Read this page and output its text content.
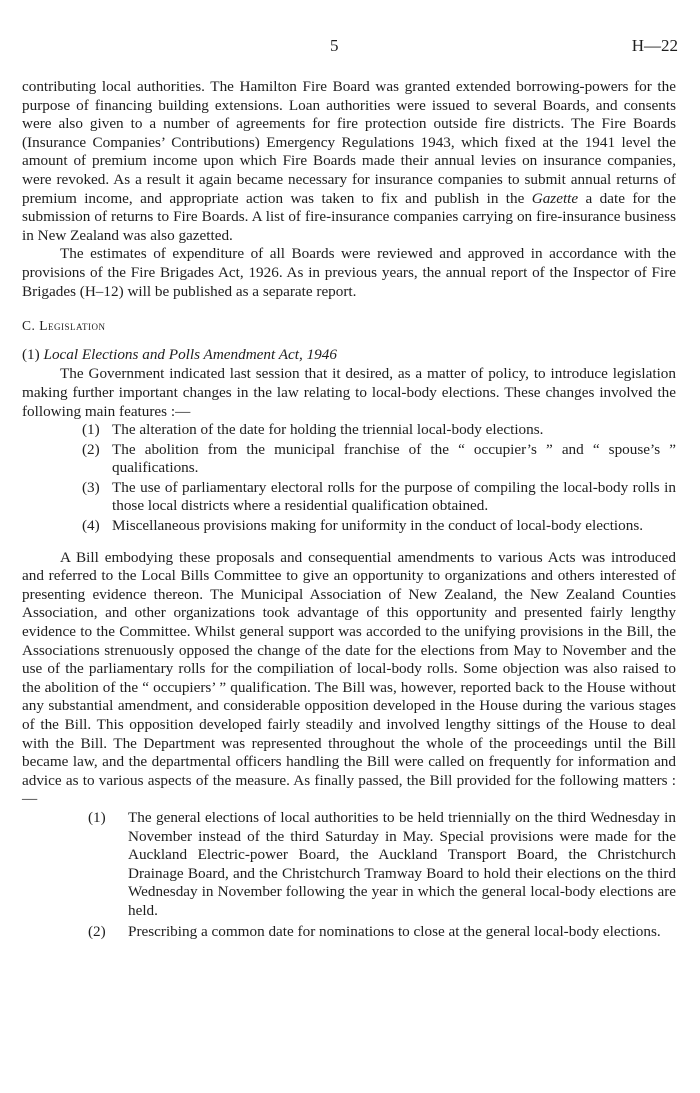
5	H—22

contributing local authorities. The Hamilton Fire Board was granted extended borrowing-powers for the purpose of financing building extensions. Loan authorities were issued to several Boards, and consents were also given to a number of agreements for fire protection outside fire districts. The Fire Boards (Insurance Companies’ Contributions) Emergency Regulations 1943, which fixed at the 1941 level the amount of premium income upon which Fire Boards made their annual levies on insurance companies, were revoked. As a result it again became necessary for insurance companies to submit annual returns of premium income, and appropriate action was taken to fix and publish in the Gazette a date for the submission of returns to Fire Boards. A list of fire-insurance companies carrying on fire-insurance business in New Zealand was also gazetted.

The estimates of expenditure of all Boards were reviewed and approved in accordance with the provisions of the Fire Brigades Act, 1926. As in previous years, the annual report of the Inspector of Fire Brigades (H–12) will be published as a separate report.

C. Legislation

(1) Local Elections and Polls Amendment Act, 1946

The Government indicated last session that it desired, as a matter of policy, to introduce legislation making further important changes in the law relating to local-body elections. These changes involved the following main features :—

(1) The alteration of the date for holding the triennial local-body elections.
(2) The abolition from the municipal franchise of the “ occupier’s ” and “ spouse’s ” qualifications.
(3) The use of parliamentary electoral rolls for the purpose of compiling the local-body rolls in those local districts where a residential qualification obtained.
(4) Miscellaneous provisions making for uniformity in the conduct of local-body elections.

A Bill embodying these proposals and consequential amendments to various Acts was introduced and referred to the Local Bills Committee to give an opportunity to organizations and others interested of presenting evidence thereon. The Municipal Association of New Zealand, the New Zealand Counties Association, and other organizations took advantage of this opportunity and presented fairly lengthy evidence to the Committee. Whilst general support was accorded to the unifying provisions in the Bill, the Associations strenuously opposed the change of the date for the elections from May to November and the use of the parliamentary rolls for the compiliation of local-body rolls. Some objection was also raised to the abolition of the “ occupiers’ ” qualification. The Bill was, however, reported back to the House without any substantial amendment, and considerable opposition developed in the House during the various stages of the Bill. This opposition developed fairly steadily and involved lengthy sittings of the House to deal with the Bill. The Department was represented throughout the whole of the proceedings until the Bill became law, and the departmental officers handling the Bill were called on frequently for information and advice as to various aspects of the measure. As finally passed, the Bill provided for the following matters :—

(1)	The general elections of local authorities to be held triennially on the third Wednesday in November instead of the third Saturday in May. Special provisions were made for the Auckland Electric-power Board, the Auckland Transport Board, the Christchurch Drainage Board, and the Christchurch Tramway Board to hold their elections on the third Wednesday in November following the year in which the general local-body elections are held.
(2)	Prescribing a common date for nominations to close at the general local-body elections.
